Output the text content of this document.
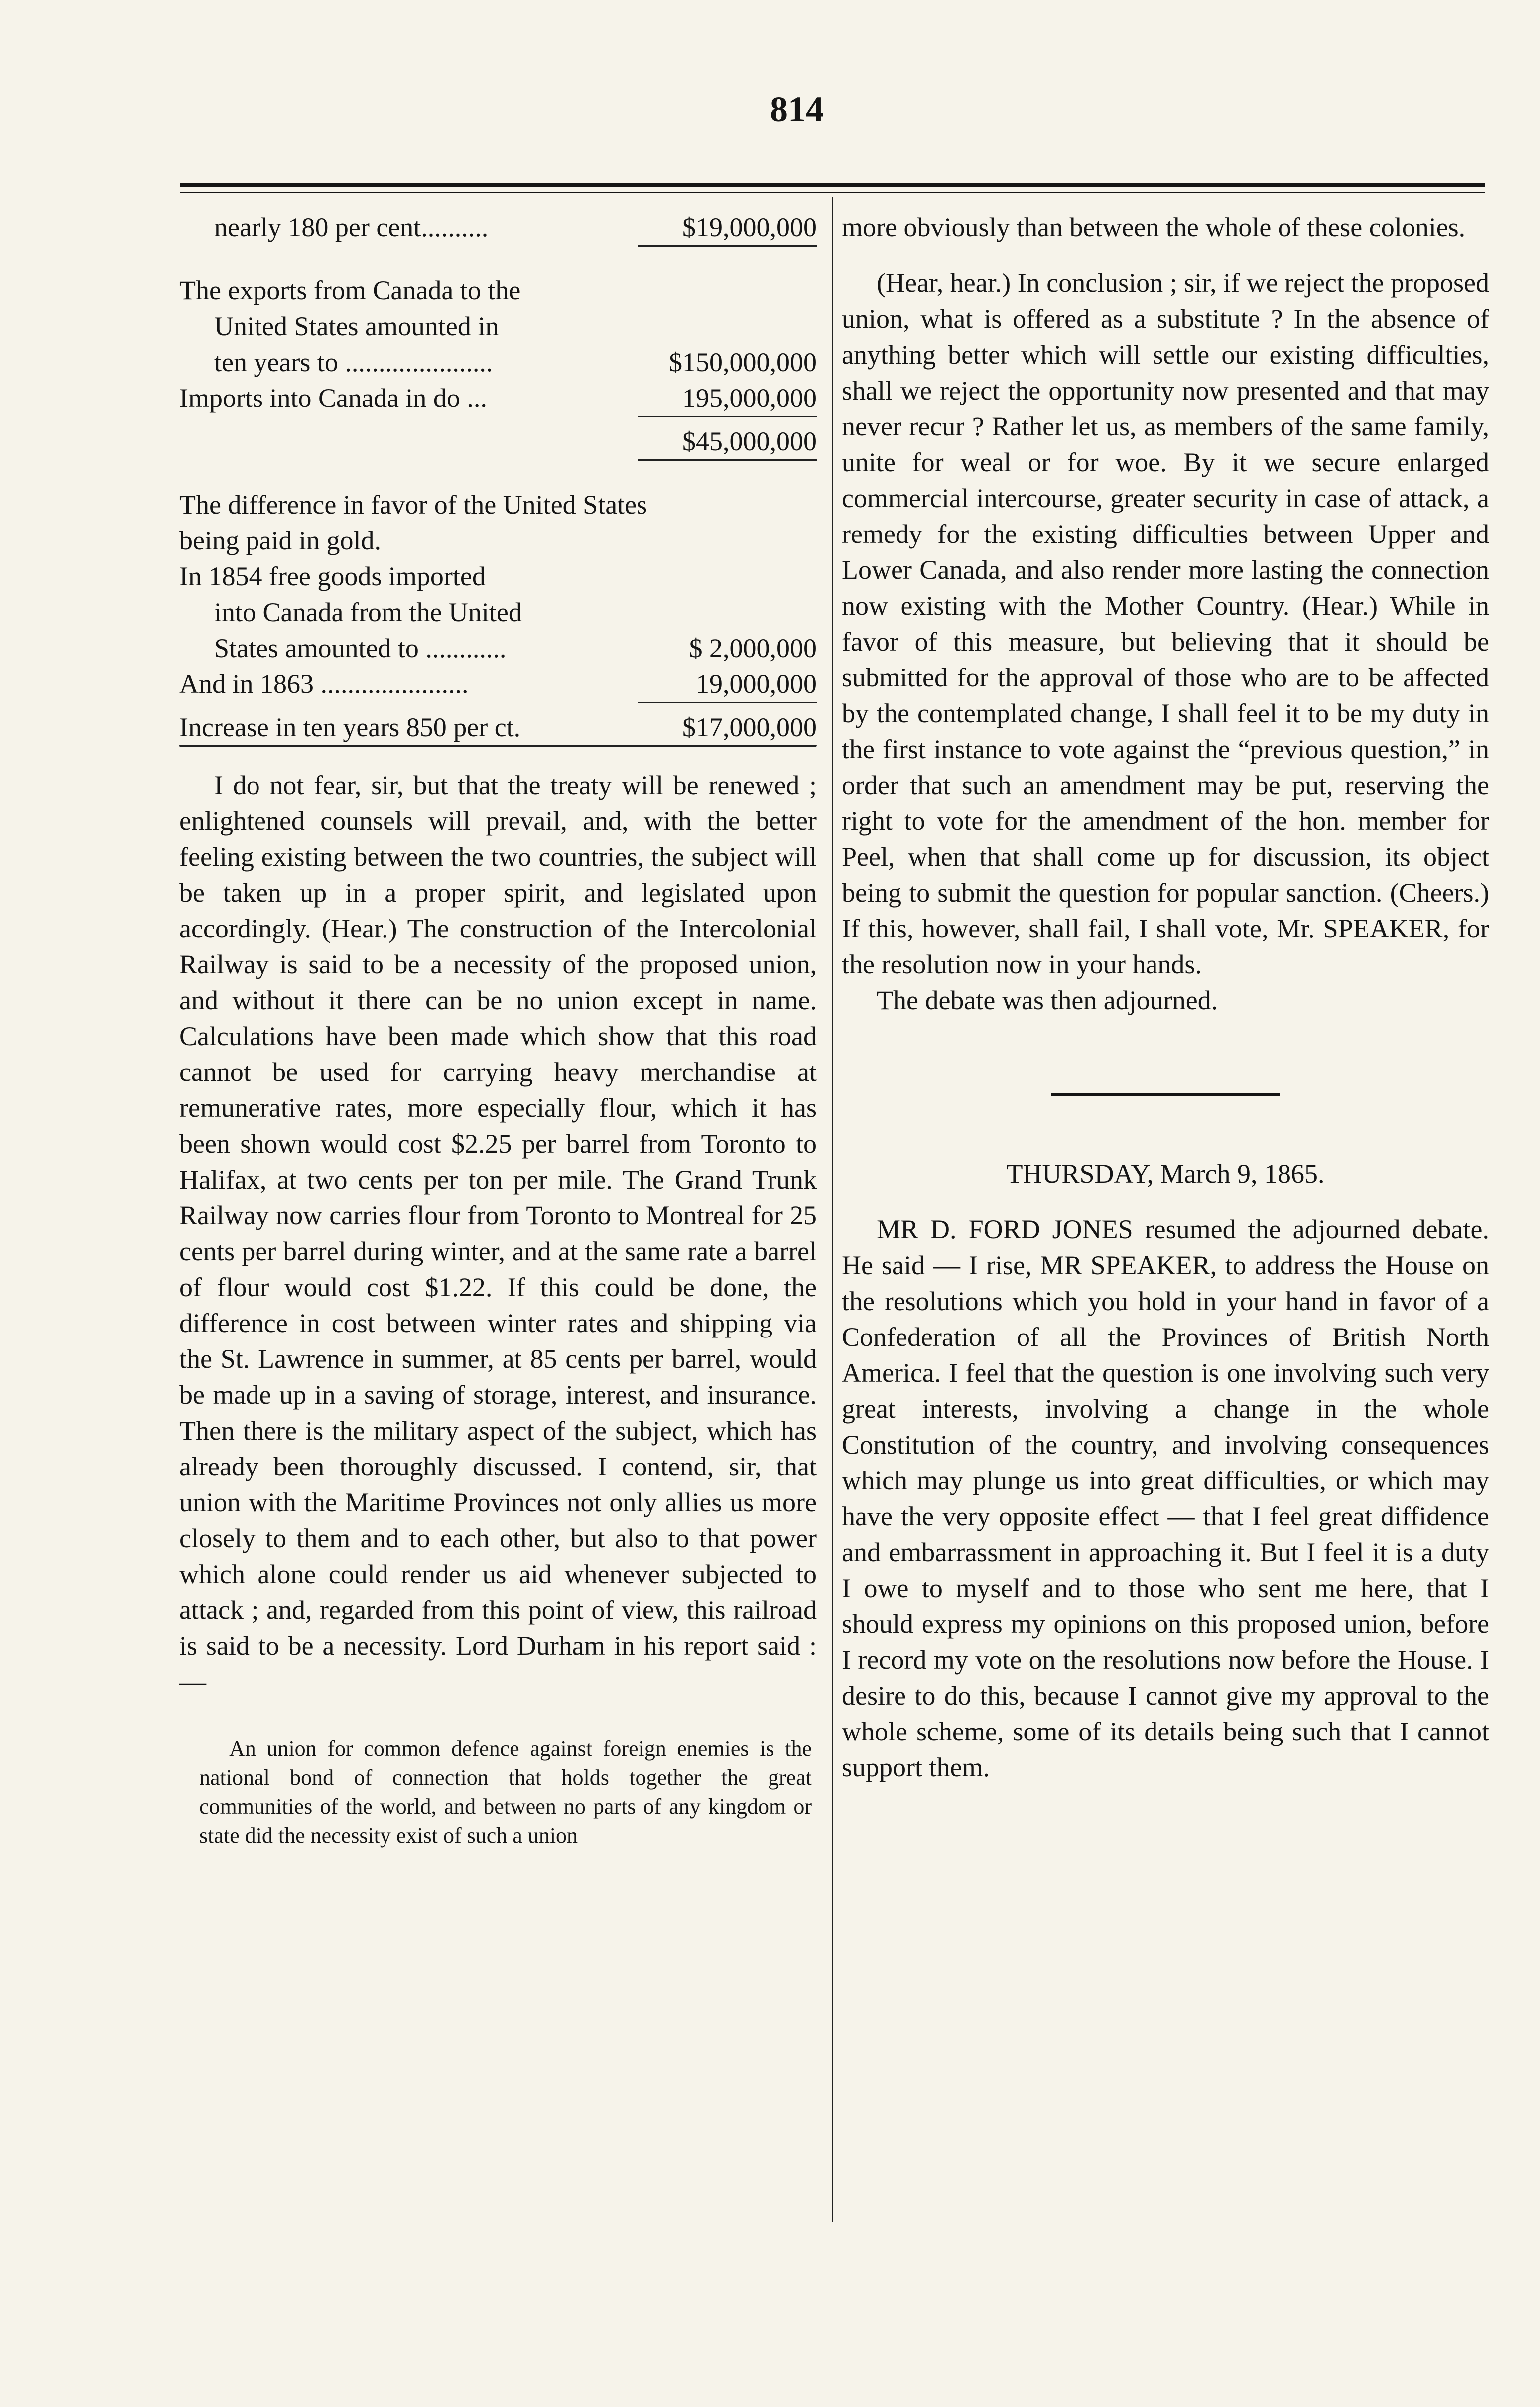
814
nearly 180 per cent..........	$19,000,000
The exports from Canada to the
United States amounted in
ten years to ......................	$150,000,000
Imports into Canada in do ...	195,000,000
$45,000,000
The difference in favor of the United States
being paid in gold.
In 1854 free goods imported
into Canada from the United
States amounted to ............	$ 2,000,000
And in 1863 ......................	19,000,000
Increase in ten years 850 per ct.	$17,000,000

I do not fear, sir, but that the treaty will be renewed ; enlightened counsels will prevail, and, with the better feeling existing between the two countries, the subject will be taken up in a proper spirit, and legislated upon accordingly. (Hear.) The construction of the Intercolonial Railway is said to be a necessity of the proposed union, and without it there can be no union except in name. Calculations have been made which show that this road cannot be used for carrying heavy merchandise at remunerative rates, more especially flour, which it has been shown would cost $2.25 per barrel from Toronto to Halifax, at two cents per ton per mile. The Grand Trunk Railway now carries flour from Toronto to Montreal for 25 cents per barrel during winter, and at the same rate a barrel of flour would cost $1.22. If this could be done, the difference in cost between winter rates and shipping via the St. Lawrence in summer, at 85 cents per barrel, would be made up in a saving of storage, interest, and insurance. Then there is the military aspect of the subject, which has already been thoroughly discussed. I contend, sir, that union with the Maritime Provinces not only allies us more closely to them and to each other, but also to that power which alone could render us aid whenever subjected to attack ; and, regarded from this point of view, this railroad is said to be a necessity. Lord Durham in his report said :—

An union for common defence against foreign enemies is the national bond of connection that holds together the great communities of the world, and between no parts of any kingdom or state did the necessity exist of such a union

more obviously than between the whole of these colonies.

(Hear, hear.) In conclusion ; sir, if we reject the proposed union, what is offered as a substitute ? In the absence of anything better which will settle our existing difficulties, shall we reject the opportunity now presented and that may never recur ? Rather let us, as members of the same family, unite for weal or for woe. By it we secure enlarged commercial intercourse, greater security in case of attack, a remedy for the existing difficulties between Upper and Lower Canada, and also render more lasting the connection now existing with the Mother Country. (Hear.) While in favor of this measure, but believing that it should be submitted for the approval of those who are to be affected by the contemplated change, I shall feel it to be my duty in the first instance to vote against the “previous question,” in order that such an amendment may be put, reserving the right to vote for the amendment of the hon. member for Peel, when that shall come up for discussion, its object being to submit the question for popular sanction. (Cheers.) If this, however, shall fail, I shall vote, Mr. SPEAKER, for the resolution now in your hands.

The debate was then adjourned.

THURSDAY, March 9, 1865.

MR D. FORD JONES resumed the adjourned debate. He said — I rise, MR SPEAKER, to address the House on the resolutions which you hold in your hand in favor of a Confederation of all the Provinces of British North America. I feel that the question is one involving such very great interests, involving a change in the whole Constitution of the country, and involving consequences which may plunge us into great difficulties, or which may have the very opposite effect — that I feel great diffidence and embarrassment in approaching it. But I feel it is a duty I owe to myself and to those who sent me here, that I should express my opinions on this proposed union, before I record my vote on the resolutions now before the House. I desire to do this, because I cannot give my approval to the whole scheme, some of its details being such that I cannot support them.
